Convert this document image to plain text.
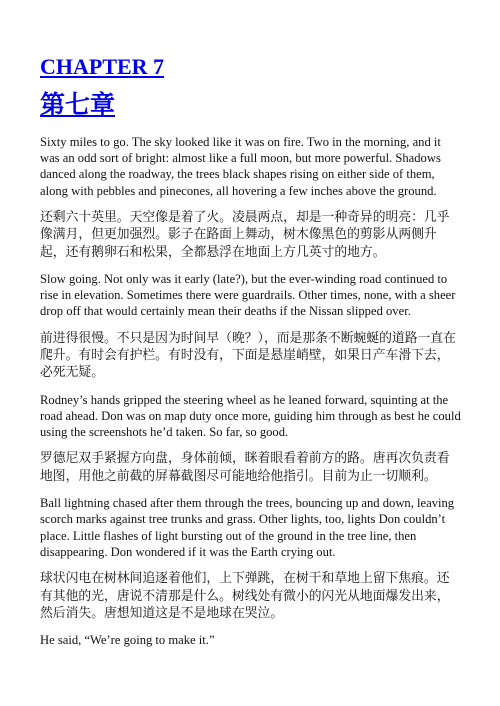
CHAPTER 7
第七章

Sixty miles to go. The sky looked like it was on fire. Two in the morning, and it was an odd sort of bright: almost like a full moon, but more powerful. Shadows danced along the roadway, the trees black shapes rising on either side of them, along with pebbles and pinecones, all hovering a few inches above the ground.

还剩六十英里。天空像是着了火。凌晨两点，却是一种奇异的明亮：几乎像满月，但更加强烈。影子在路面上舞动，树木像黑色的剪影从两侧升起，还有鹅卵石和松果，全都悬浮在地面上方几英寸的地方。

Slow going. Not only was it early (late?), but the ever-winding road continued to rise in elevation. Sometimes there were guardrails. Other times, none, with a sheer drop off that would certainly mean their deaths if the Nissan slipped over.

前进得很慢。不只是因为时间早（晚？），而是那条不断蜿蜒的道路一直在爬升。有时会有护栏。有时没有，下面是悬崖峭壁，如果日产车滑下去，必死无疑。

Rodney’s hands gripped the steering wheel as he leaned forward, squinting at the road ahead. Don was on map duty once more, guiding him through as best he could using the screenshots he’d taken. So far, so good.

罗德尼双手紧握方向盘，身体前倾，眯着眼看着前方的路。唐再次负责看地图，用他之前截的屏幕截图尽可能地给他指引。目前为止一切顺利。

Ball lightning chased after them through the trees, bouncing up and down, leaving scorch marks against tree trunks and grass. Other lights, too, lights Don couldn’t place. Little flashes of light bursting out of the ground in the tree line, then disappearing. Don wondered if it was the Earth crying out.

球状闪电在树林间追逐着他们，上下弹跳，在树干和草地上留下焦痕。还有其他的光，唐说不清那是什么。树线处有微小的闪光从地面爆发出来，然后消失。唐想知道这是不是地球在哭泣。

He said, “We’re going to make it.”
